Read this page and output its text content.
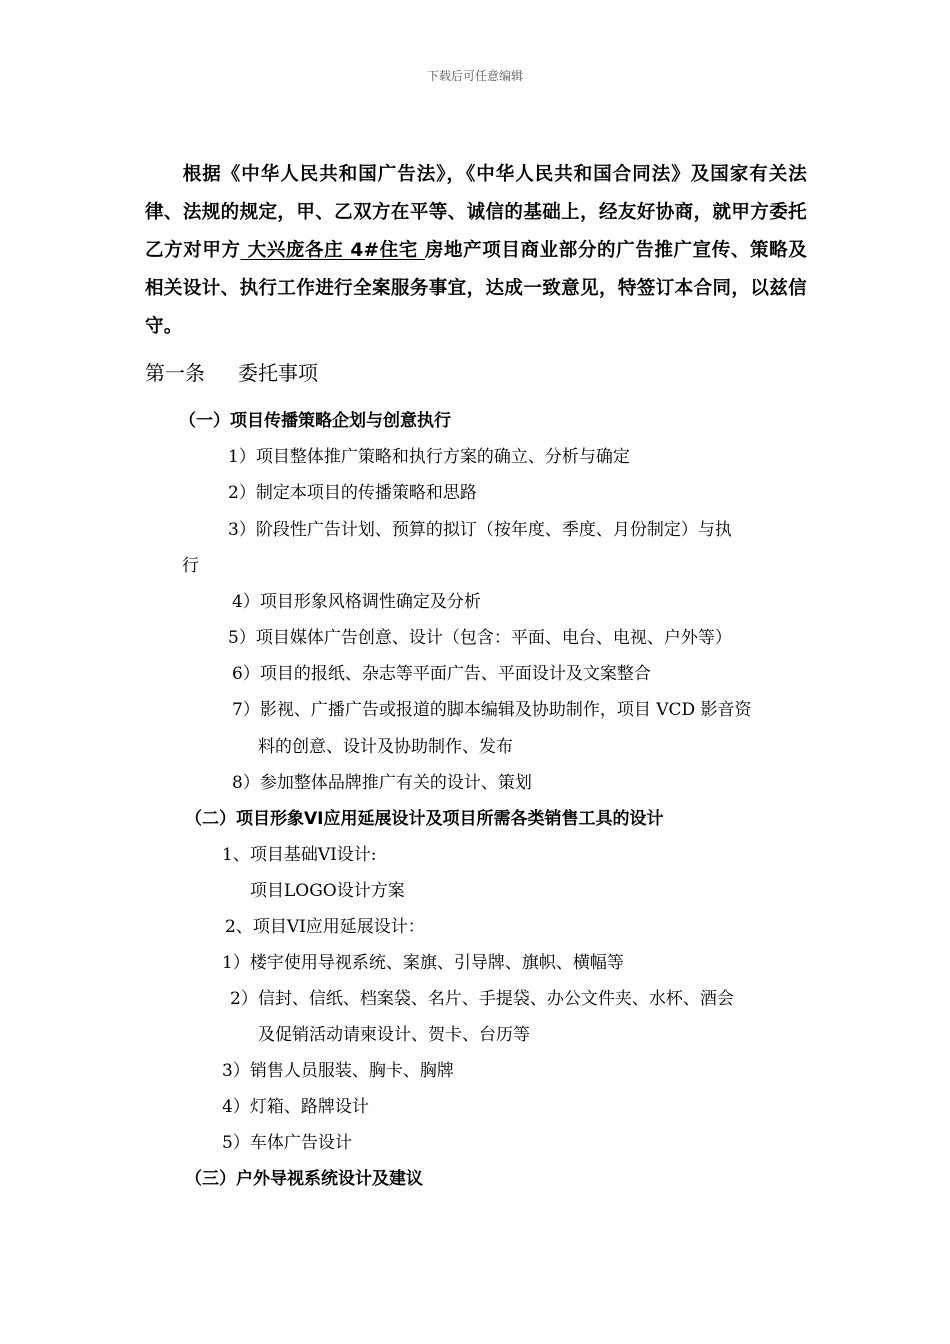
下载后可任意编辑
根据《中华人民共和国广告法》，《中华人民共和国合同法》及国家有关法律、法规的规定，甲、乙双方在平等、诚信的基础上，经友好协商，就甲方委托乙方对甲方 大兴庞各庄 4#住宅 房地产项目商业部分的广告推广宣传、策略及相关设计、执行工作进行全案服务事宜，达成一致意见，特签订本合同，以兹信守。
第一条 委托事项
（一）项目传播策略企划与创意执行
1）项目整体推广策略和执行方案的确立、分析与确定
2）制定本项目的传播策略和思路
3）阶段性广告计划、预算的拟订（按年度、季度、月份制定）与执
行
4）项目形象风格调性确定及分析
5）项目媒体广告创意、设计（包含：平面、电台、电视、户外等）
6）项目的报纸、杂志等平面广告、平面设计及文案整合
7）影视、广播广告或报道的脚本编辑及协助制作，项目 VCD 影音资
料的创意、设计及协助制作、发布
8）参加整体品牌推广有关的设计、策划
（二）项目形象VI应用延展设计及项目所需各类销售工具的设计
1、项目基础VI设计:
项目LOGO设计方案
2、项目VI应用延展设计：
1）楼宇使用导视系统、案旗、引导牌、旗帜、横幅等
2）信封、信纸、档案袋、名片、手提袋、办公文件夹、水杯、酒会
及促销活动请柬设计、贺卡、台历等
3）销售人员服装、胸卡、胸牌
4）灯箱、路牌设计
5）车体广告设计
（三）户外导视系统设计及建议
